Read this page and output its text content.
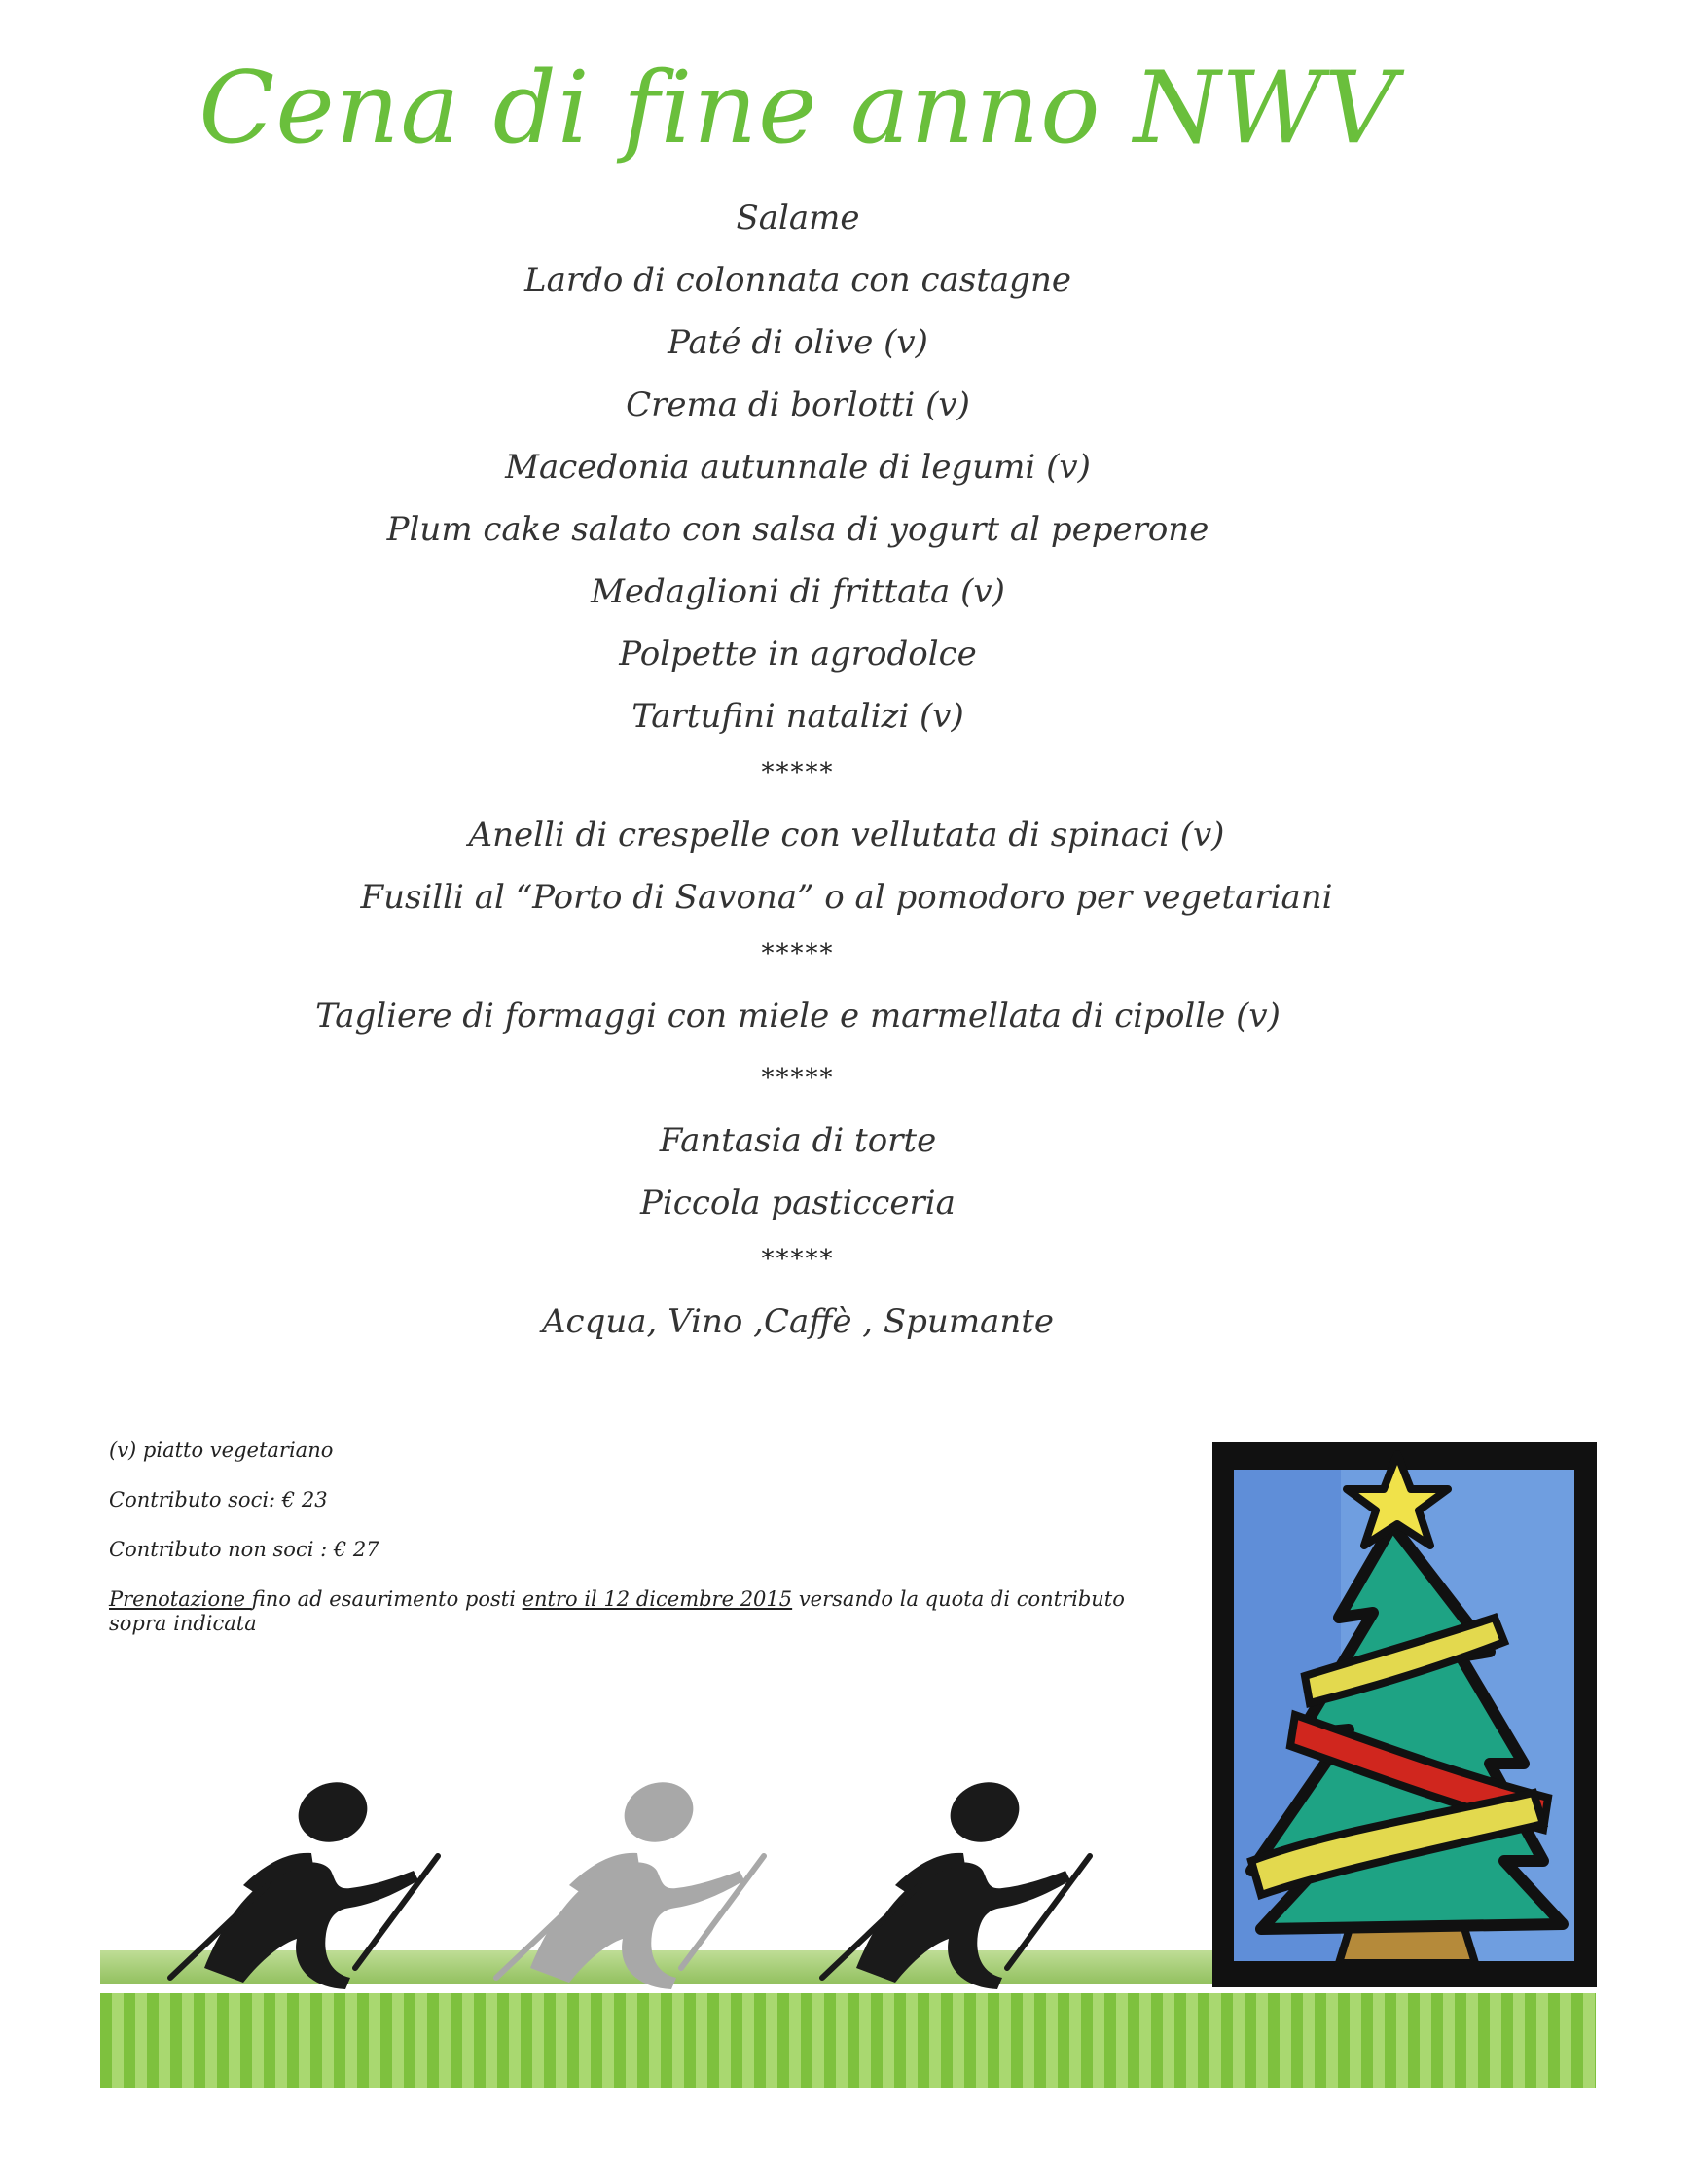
Cena di fine anno NWV
Salame
Lardo di colonnata con castagne
Paté di olive (v)
Crema di borlotti (v)
Macedonia autunnale di legumi (v)
Plum cake salato con salsa di yogurt al peperone
Medaglioni di frittata (v)
Polpette in agrodolce
Tartufini natalizi (v)
*****
Anelli di crespelle con vellutata di spinaci (v)
Fusilli al “Porto di Savona” o al pomodoro per vegetariani
*****
Tagliere di formaggi con miele e marmellata di cipolle (v)
*****
Fantasia di torte
Piccola pasticceria
*****
Acqua, Vino ,Caffè , Spumante

(v) piatto vegetariano

Contributo soci: € 23

Contributo non soci : € 27

Prenotazione fino ad esaurimento posti entro il 12 dicembre 2015 versando la quota di contributo sopra indicata
